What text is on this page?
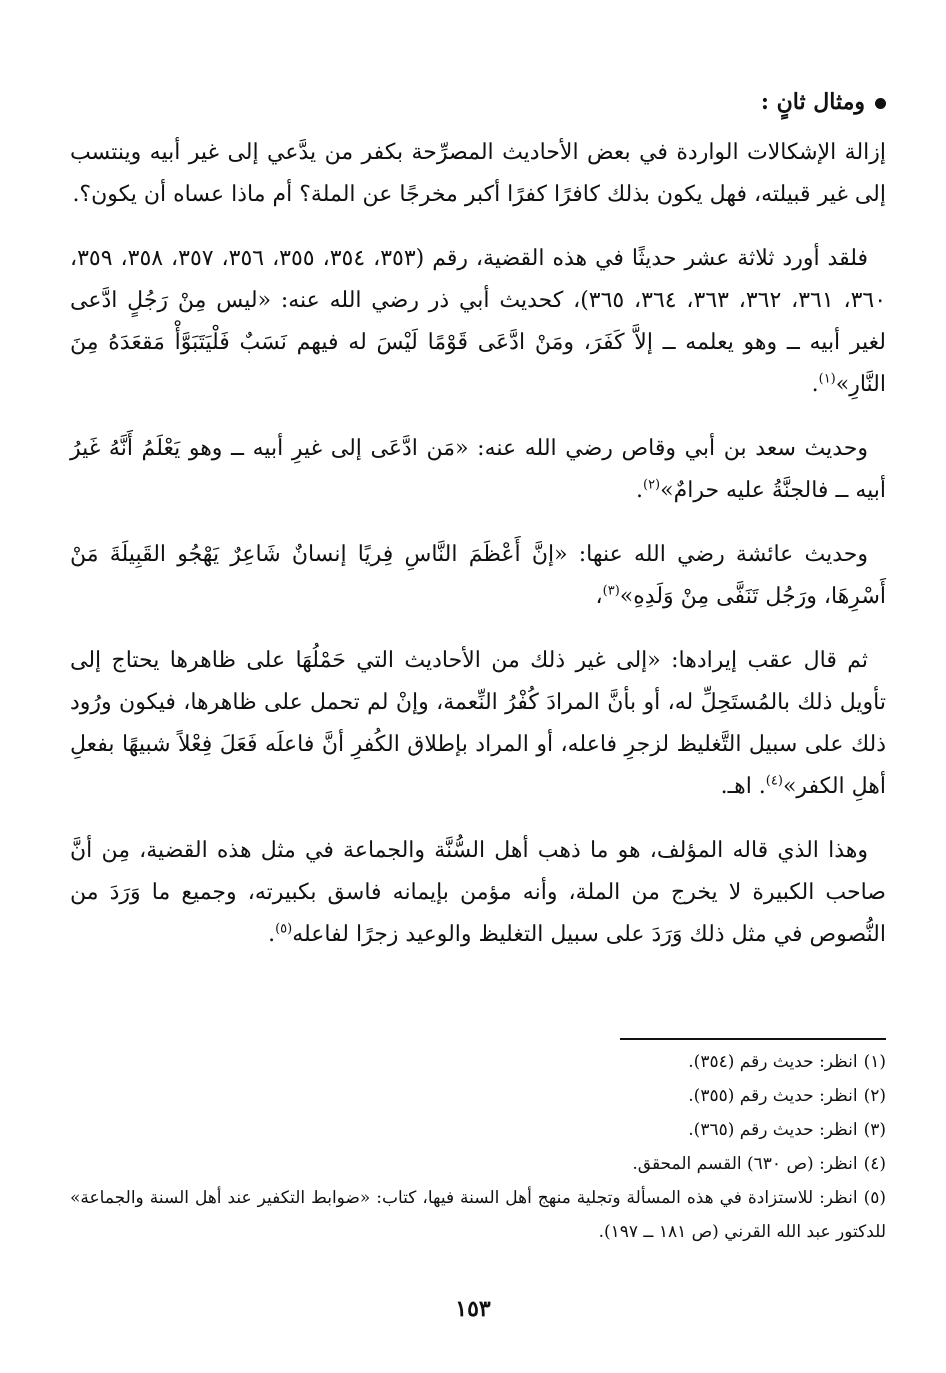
ومثال ثانٍ :

إزالة الإشكالات الواردة في بعض الأحاديث المصرِّحة بكفر من يدَّعي إلى غير أبيه وينتسب إلى غير قبيلته، فهل يكون بذلك كافرًا كفرًا أكبر مخرجًا عن الملة؟ أم ماذا عساه أن يكون؟.

فلقد أورد ثلاثة عشر حديثًا في هذه القضية، رقم (٣٥٣، ٣٥٤، ٣٥٥، ٣٥٦، ٣٥٧، ٣٥٨، ٣٥٩، ٣٦٠، ٣٦١، ٣٦٢، ٣٦٣، ٣٦٤، ٣٦٥)، كحديث أبي ذر رضي الله عنه: «ليس مِنْ رَجُلٍ ادَّعى لغير أبيه ــ وهو يعلمه ــ إلاَّ كَفَرَ، ومَنْ ادَّعَى قَوْمًا لَيْسَ له فيهم نَسَبٌ فَلْيَتَبَوَّأْ مَقعَدَهُ مِنَ النَّارِ»$^{(١)}$.

وحديث سعد بن أبي وقاص رضي الله عنه: «مَن ادَّعَى إلى غيرِ أبيه ــ وهو يَعْلَمُ أَنَّهُ غَيرُ أبيه ــ فالجنَّةُ عليه حرامٌ»$^{(٢)}$.

وحديث عائشة رضي الله عنها: «إنَّ أَعْظَمَ النَّاسِ فِريًا إنسانٌ شَاعِرٌ يَهْجُو القَبِيلَةَ مَنْ أَسْرِهَا، ورَجُل تَنَفَّى مِنْ وَلَدِهِ»$^{(٣)}$،

ثم قال عقب إيرادها: «إلى غير ذلك من الأحاديث التي حَمْلُهَا على ظاهرها يحتاج إلى تأويل ذلك بالمُستَحِلِّ له، أو بأنَّ المرادَ كُفْرُ النِّعمة، وإنْ لم تحمل على ظاهرها، فيكون ورُود ذلك على سبيل التَّغليظ لزجرِ فاعله، أو المراد بإطلاق الكُفرِ أنَّ فاعلَه فَعَلَ فِعْلاً شبيهًا بفعلِ أهلِ الكفر»$^{(٤)}$. اهـ.

وهذا الذي قاله المؤلف، هو ما ذهب أهل السُّنَّة والجماعة في مثل هذه القضية، مِن أنَّ صاحب الكبيرة لا يخرج من الملة، وأنه مؤمن بإيمانه فاسق بكبيرته، وجميع ما وَرَدَ من النُّصوص في مثل ذلك وَرَدَ على سبيل التغليظ والوعيد زجرًا لفاعله$^{(٥)}$.

(١)انظر: حديث رقم (٣٥٤).

(٢)انظر: حديث رقم (٣٥٥).

(٣)انظر: حديث رقم (٣٦٥).

(٤)انظر: (ص ٦٣٠) القسم المحقق.

(٥)انظر: للاستزادة في هذه المسألة وتجلية منهج أهل السنة فيها، كتاب: «ضوابط التكفير عند أهل السنة والجماعة» للدكتور عبد الله القرني (ص ١٨١ ــ ١٩٧).

١٥٣
